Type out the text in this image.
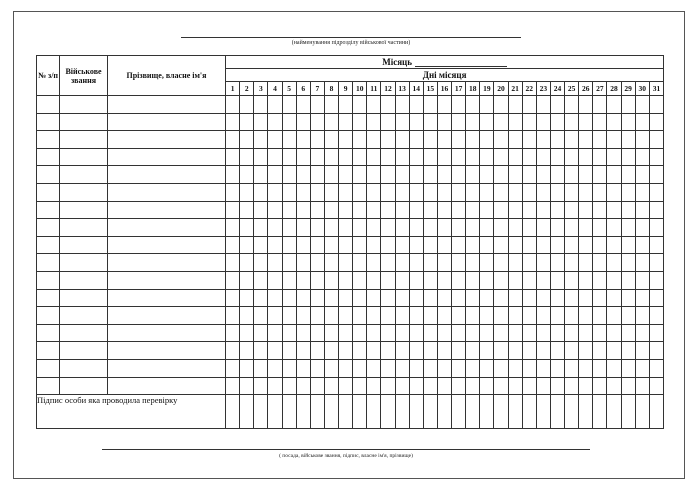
(найменування підрозділу військової частини)
№ з/п	Військове звання	Прізвище, власне ім'я	Місяць																														
			Дні місяця																														
			1	2	3	4	5	6	7	8	9	10	11	12	13	14	15	16	17	18	19	20	21	22	23	24	25	26	27	28	29	30	31

Підпис особи яка проводила перевірку																																	
( посада, військове звання, підпис, власне ім'я, прізвище)
